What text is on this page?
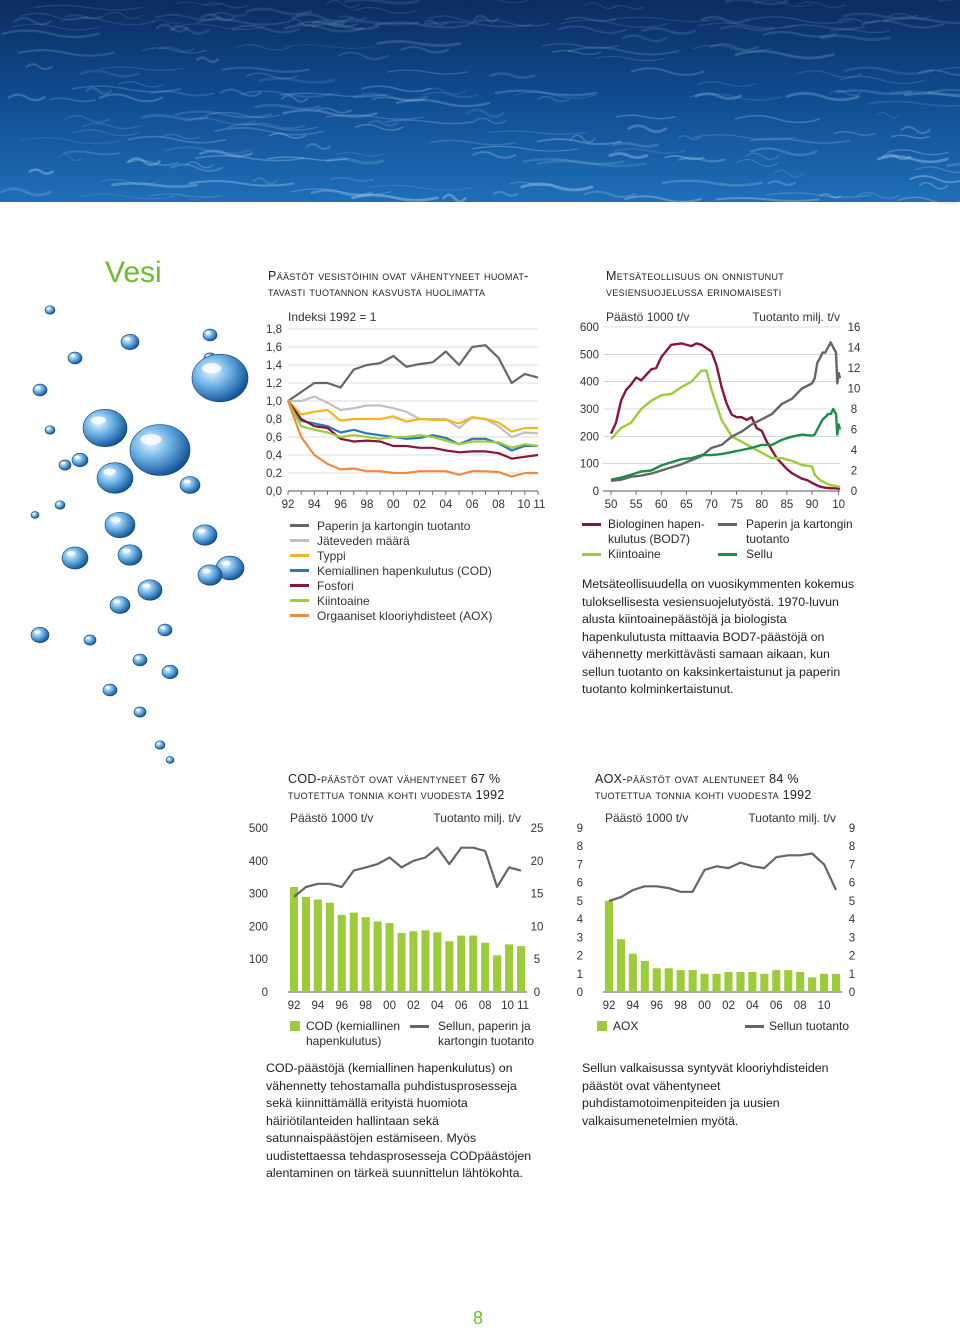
Vesi	Päästöt vesistöihin ovat vähentyneet huomat-
tavasti tuotannon kasvusta huolimatta
Indeksi 1992 = 1
0,0
0,2
0,4
0,6
0,8
1,0
1,2
1,4
1,6
1,8
92 94 96 98 00 02 04 06 08 10 11
Paperin ja kartongin tuotanto
Jäteveden määrä
Typpi
Kemiallinen hapenkulutus (COD)
Fosfori
Kiintoaine
Orgaaniset klooriyhdisteet (AOX)
Metsäteollisuus on onnistunut
vesiensuojelussa erinomaisesti
Päästö 1000 t/v	Tuotanto milj. t/v
0
100
200
300
400
500
600
0
2
4
6
8
10
12
14
16
50 55 60 65 70 75 80 85 90 10
Biologinen hapen-
kulutus (BOD7)
Kiintoaine
Paperin ja kartongin
tuotanto
Sellu
Metsäteollisuudella on vuosikymmenten kokemus tuloksellisesta vesiensuojelutyöstä. 1970-luvun alusta kiintoainepäästöjä ja biologista hapenkulutusta mittaavia BOD7-päästöjä on vähennetty merkittävästi samaan aikaan, kun sellun tuotanto on kaksinkertaistunut ja paperin tuotanto kolminkertaistunut.
COD-päästöt ovat vähentyneet 67 %
tuotettua tonnia kohti vuodesta 1992
Päästö 1000 t/v	Tuotanto milj. t/v
0
100
200
300
400
500
0
5
10
15
20
25
92 94 96 98 00 02 04 06 08 10 11
COD (kemiallinen
hapenkulutus)
Sellun, paperin ja
kartongin tuotanto
COD-päästöjä (kemiallinen hapenkulutus) on vähennetty tehostamalla puhdistusprosesseja sekä kiinnittämällä erityistä huomiota häiriötilanteiden hallintaan sekä satunnaispäästöjen estämiseen. Myös uudistettaessa tehdasprosesseja CODpäästöjen alentaminen on tärkeä suunnittelun lähtökohta.
AOX-päästöt ovat alentuneet 84 %
tuotettua tonnia kohti vuodesta 1992
Päästö 1000 t/v	Tuotanto milj. t/v
0
1
2
3
4
5
6
7
8
9
0
1
2
3
4
5
6
7
8
9
92 94 96 98 00 02 04 06 08 10
AOX	Sellun tuotanto
Sellun valkaisussa syntyvät klooriyhdisteiden päästöt ovat vähentyneet puhdistamotoimenpiteiden ja uusien valkaisumenetelmien myötä.
8
